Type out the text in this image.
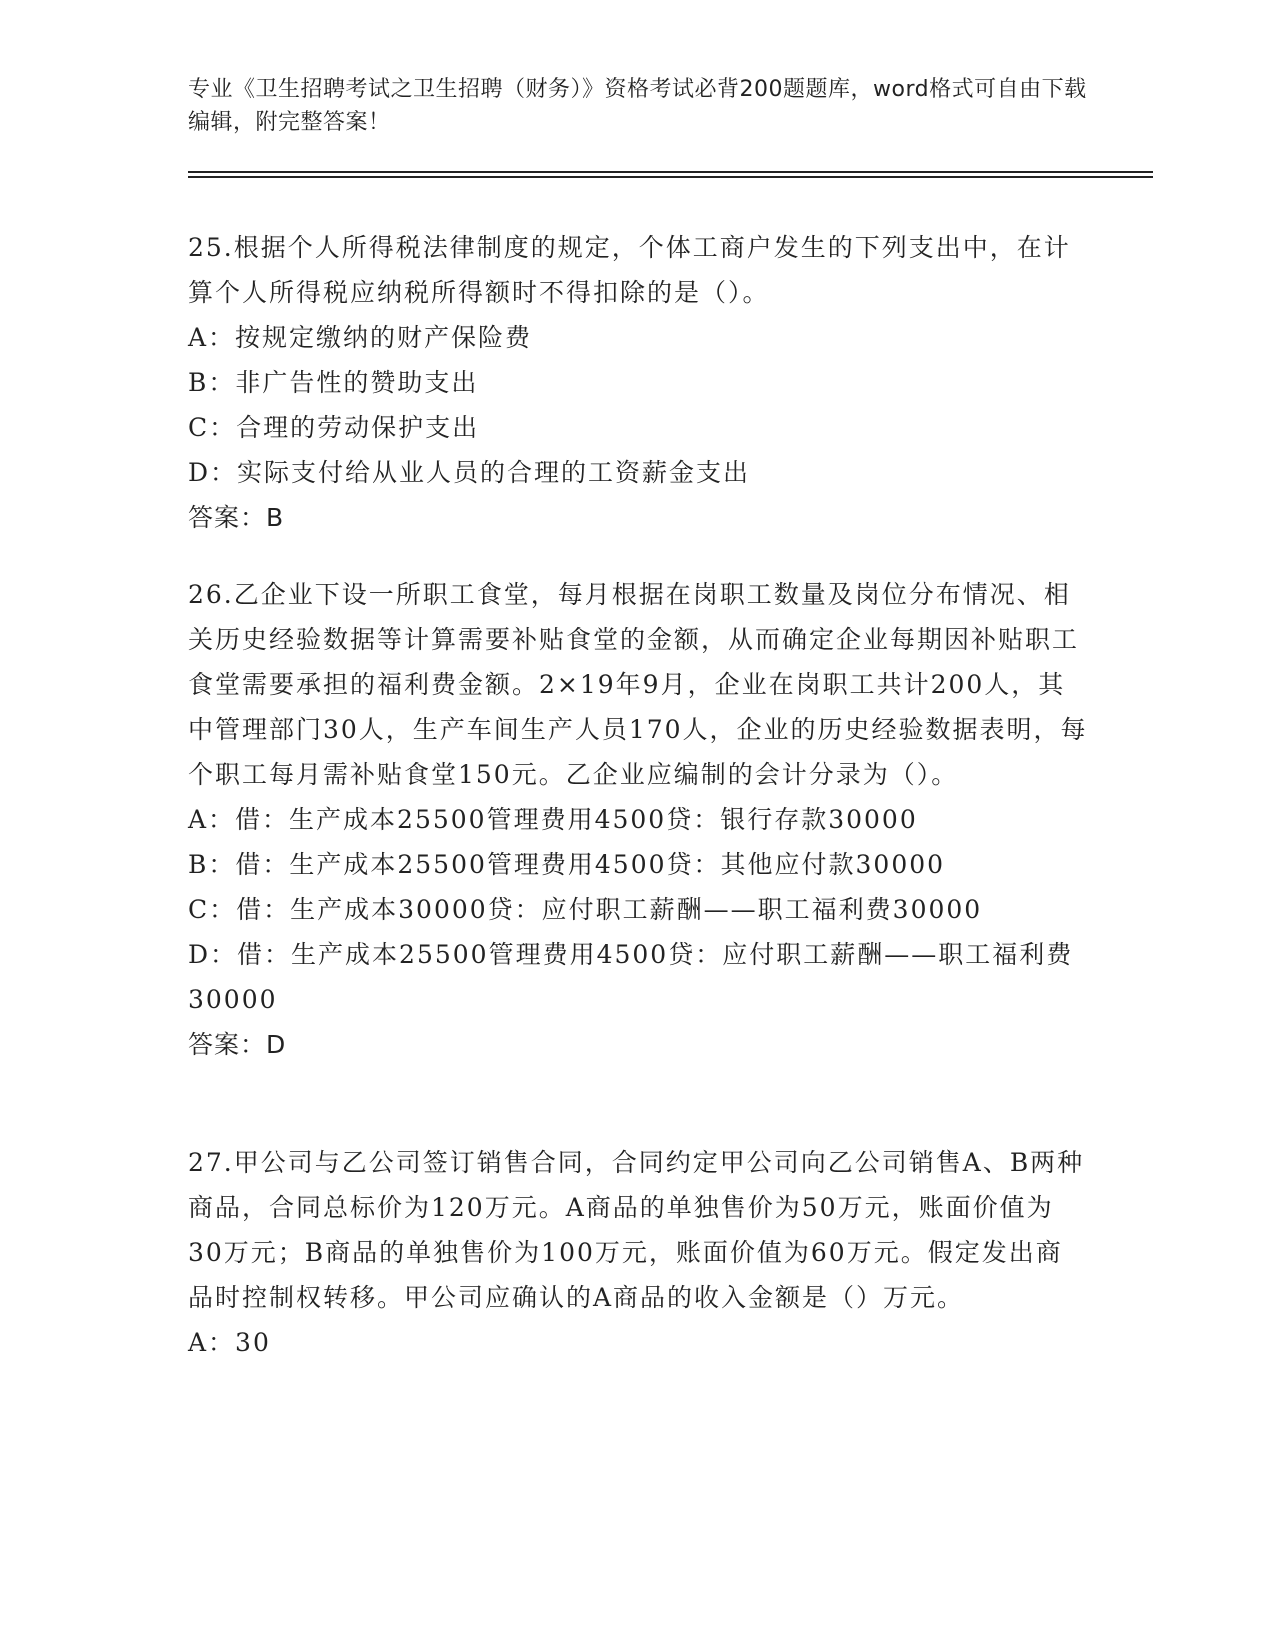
专业《卫生招聘考试之卫生招聘（财务）》资格考试必背200题题库，word格式可自由下载编辑，附完整答案！
25.根据个人所得税法律制度的规定，个体工商户发生的下列支出中，在计算个人所得税应纳税所得额时不得扣除的是（）。
A：按规定缴纳的财产保险费
B：非广告性的赞助支出
C：合理的劳动保护支出
D：实际支付给从业人员的合理的工资薪金支出
答案：B
26.乙企业下设一所职工食堂，每月根据在岗职工数量及岗位分布情况、相关历史经验数据等计算需要补贴食堂的金额，从而确定企业每期因补贴职工食堂需要承担的福利费金额。2×19年9月，企业在岗职工共计200人，其中管理部门30人，生产车间生产人员170人，企业的历史经验数据表明，每个职工每月需补贴食堂150元。乙企业应编制的会计分录为（）。
A：借：生产成本25500管理费用4500贷：银行存款30000
B：借：生产成本25500管理费用4500贷：其他应付款30000
C：借：生产成本30000贷：应付职工薪酬——职工福利费30000
D：借：生产成本25500管理费用4500贷：应付职工薪酬——职工福利费30000
答案：D
27.甲公司与乙公司签订销售合同，合同约定甲公司向乙公司销售A、B两种商品，合同总标价为120万元。A商品的单独售价为50万元，账面价值为30万元；B商品的单独售价为100万元，账面价值为60万元。假定发出商品时控制权转移。甲公司应确认的A商品的收入金额是（）万元。
A：30
